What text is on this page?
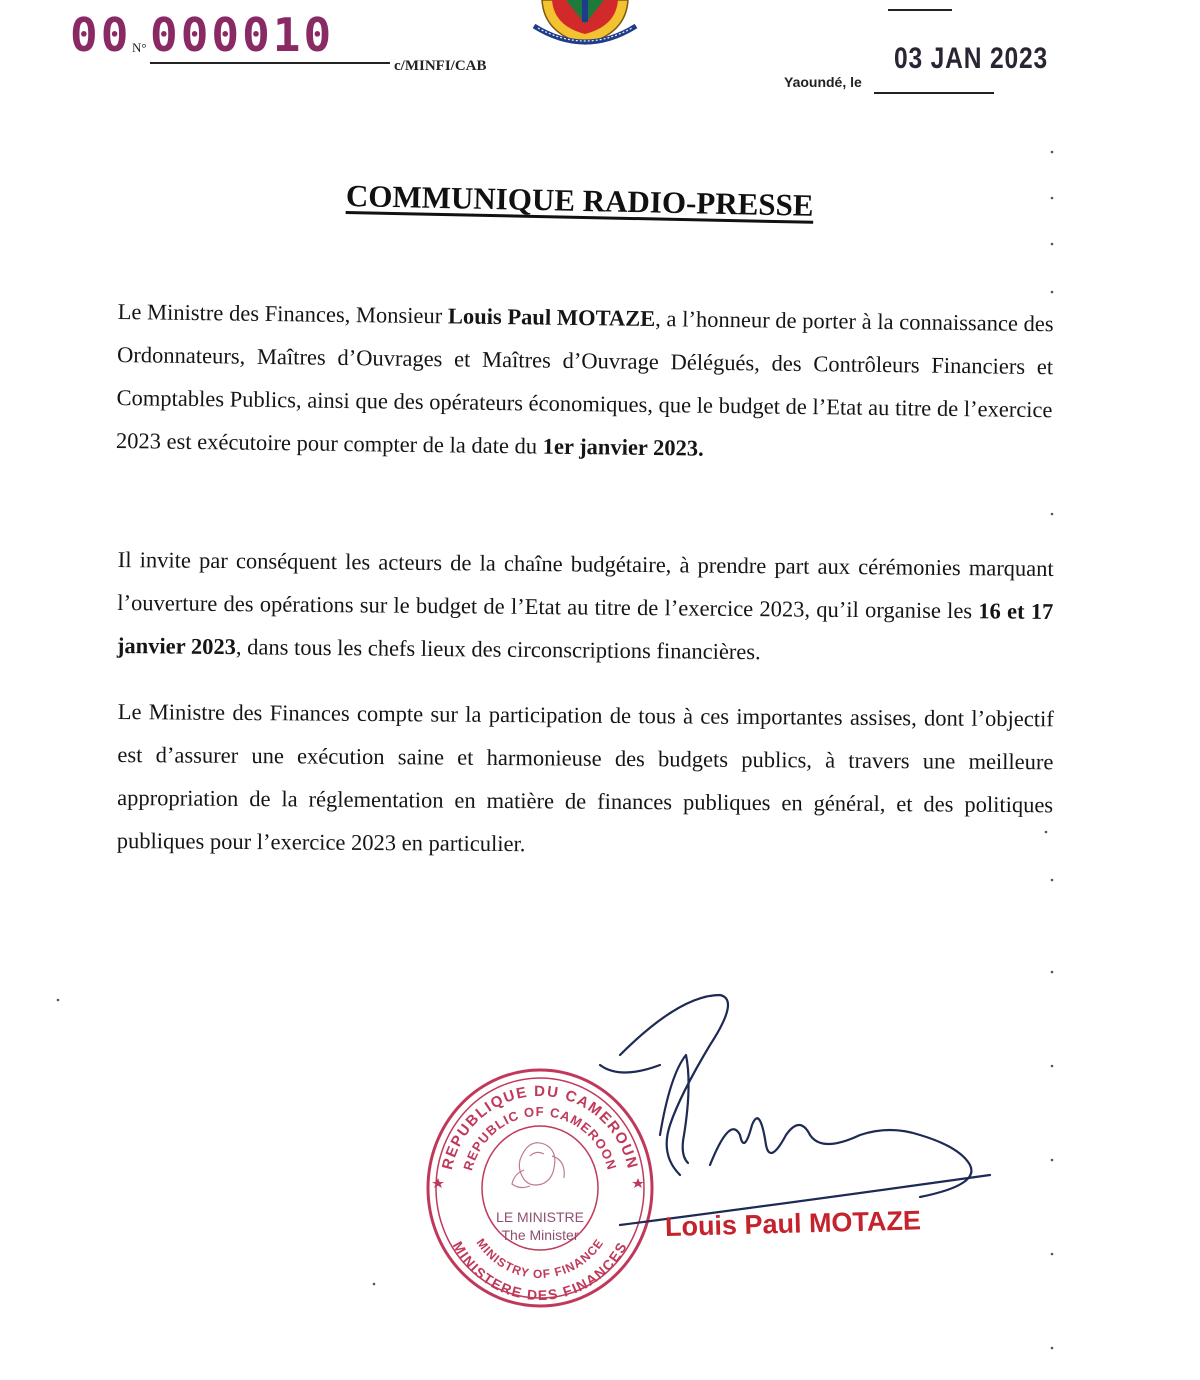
00 N° 000010
c/MINFI/CAB
Yaoundé, le
03 JAN 2023
COMMUNIQUE RADIO-PRESSE

Le Ministre des Finances, Monsieur Louis Paul MOTAZE, a l’honneur de porter à la connaissance des Ordonnateurs, Maîtres d’Ouvrages et Maîtres d’Ouvrage Délégués, des Contrôleurs Financiers et Comptables Publics, ainsi que des opérateurs économiques, que le budget de l’Etat au titre de l’exercice 2023 est exécutoire pour compter de la date du 1er janvier 2023.

Il invite par conséquent les acteurs de la chaîne budgétaire, à prendre part aux cérémonies marquant l’ouverture des opérations sur le budget de l’Etat au titre de l’exercice 2023, qu’il organise les 16 et 17 janvier 2023, dans tous les chefs lieux des circonscriptions financières.

Le Ministre des Finances compte sur la participation de tous à ces importantes assises, dont l’objectif est d’assurer une exécution saine et harmonieuse des budgets publics, à travers une meilleure appropriation de la réglementation en matière de finances publiques en général, et des politiques publiques pour l’exercice 2023 en particulier.

REPUBLIQUE DU CAMEROUN
REPUBLIC OF CAMEROON
MINISTERE DES FINANCES
MINISTRY OF FINANCE
LE MINISTRE
The Minister	Louis Paul MOTAZE
